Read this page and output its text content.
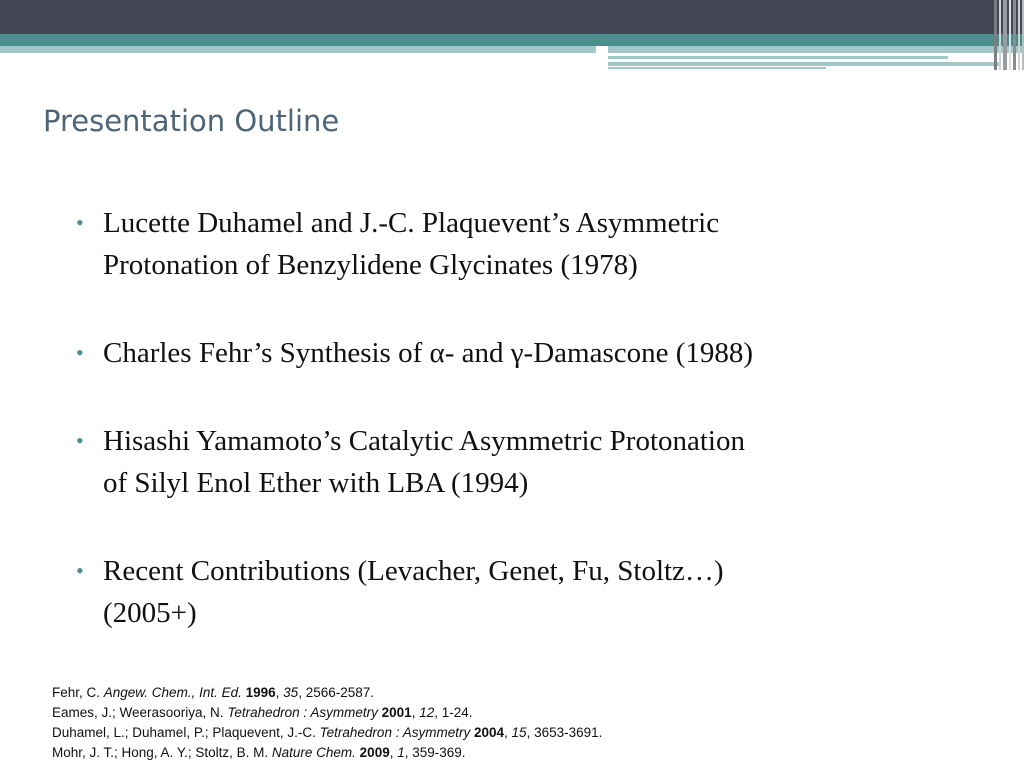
Presentation Outline
• Lucette Duhamel and J.-C. Plaquevent’s Asymmetric
Protonation of Benzylidene Glycinates (1978)
• Charles Fehr’s Synthesis of α- and γ-Damascone (1988)
• Hisashi Yamamoto’s Catalytic Asymmetric Protonation
of Silyl Enol Ether with LBA (1994)
• Recent Contributions (Levacher, Genet, Fu, Stoltz…)
(2005+)
Fehr, C. Angew. Chem., Int. Ed. 1996, 35, 2566-2587.
Eames, J.; Weerasooriya, N. Tetrahedron : Asymmetry 2001, 12, 1-24.
Duhamel, L.; Duhamel, P.; Plaquevent, J.-C. Tetrahedron : Asymmetry 2004, 15, 3653-3691.
Mohr, J. T.; Hong, A. Y.; Stoltz, B. M. Nature Chem. 2009, 1, 359-369.
